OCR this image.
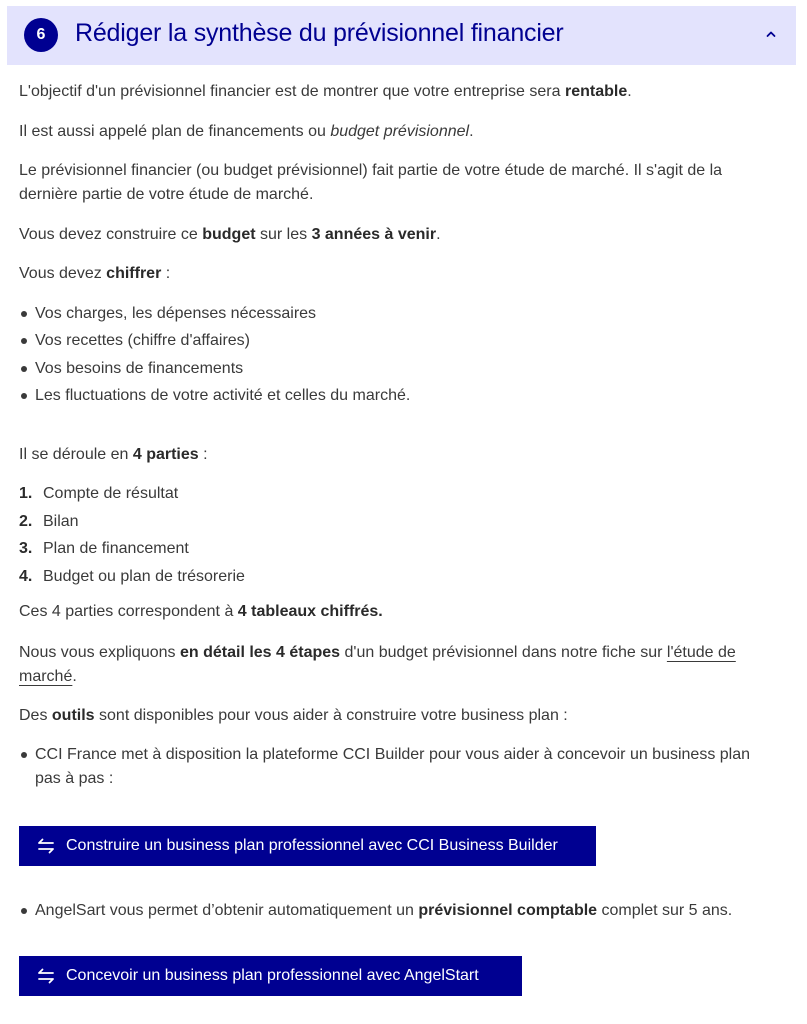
6	Rédiger la synthèse du prévisionnel financier
L'objectif d'un prévisionnel financier est de montrer que votre entreprise sera rentable.
Il est aussi appelé plan de financements ou budget prévisionnel.
Le prévisionnel financier (ou budget prévisionnel) fait partie de votre étude de marché. Il s'agit de la dernière partie de votre étude de marché.
Vous devez construire ce budget sur les 3 années à venir.
Vous devez chiffrer :
Vos charges, les dépenses nécessaires
Vos recettes (chiffre d'affaires)
Vos besoins de financements
Les fluctuations de votre activité et celles du marché.
Il se déroule en 4 parties :
1. Compte de résultat
2. Bilan
3. Plan de financement
4. Budget ou plan de trésorerie
Ces 4 parties correspondent à 4 tableaux chiffrés.
Nous vous expliquons en détail les 4 étapes d'un budget prévisionnel dans notre fiche sur l'étude de marché.
Des outils sont disponibles pour vous aider à construire votre business plan :
CCI France met à disposition la plateforme CCI Builder pour vous aider à concevoir un business plan pas à pas :
Construire un business plan professionnel avec CCI Business Builder
AngelSart vous permet d’obtenir automatiquement un prévisionnel comptable complet sur 5 ans.
Concevoir un business plan professionnel avec AngelStart
